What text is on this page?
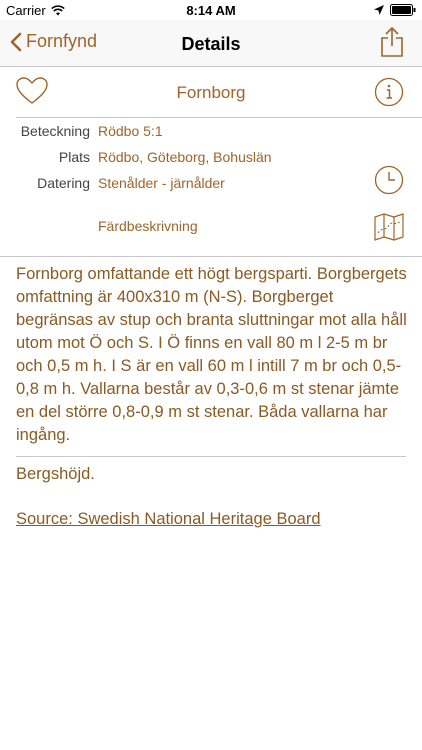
Carrier	8:14 AM
Fornfynd	Details
Fornborg
Beteckning Rödbo 5:1
Plats Rödbo, Göteborg, Bohuslän
Datering Stenålder - järnålder
Färdbeskrivning

Fornborg omfattande ett högt bergsparti. Borgbergets omfattning är 400x310 m (N-S). Borgberget begränsas av stup och branta sluttningar mot alla håll utom mot Ö och S. I Ö finns en vall 80 m l 2-5 m br och 0,5 m h. I S är en vall 60 m l intill 7 m br och 0,5-0,8 m h. Vallarna består av 0,3-0,6 m st stenar jämte en del större 0,8-0,9 m st stenar. Båda vallarna har ingång.

Bergshöjd.
Source: Swedish National Heritage Board
